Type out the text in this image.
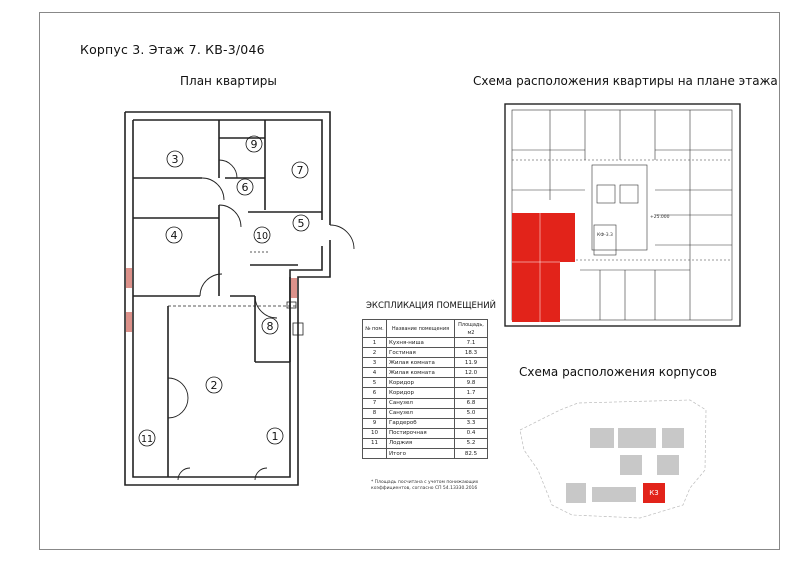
Корпус 3. Этаж 7. КВ-3/046
План квартиры	Схема расположения квартиры на плане этажа
Схема расположения корпусов
ЭКСПЛИКАЦИЯ ПОМЕЩЕНИЙ
3
9
7
6
5
4	10
8
2
11	1
+25.000
КФ-3.3
К3
№ пом.	Название помещения	Площадь, м2
1	Кухня-ниша	7.1
2	Гостиная	18.3
3	Жилая комната	11.9
4	Жилая комната	12.0
5	Коридор	9.8
6	Коридор	1.7
7	Санузел	6.8
8	Санузел	5.0
9	Гардероб	3.3
10	Постирочная	0.4
11	Лоджия	5.2
	Итого	82.5
* Площадь посчитана с учетом понижающих коэффициентов, согласно СП 54.13330.2016
